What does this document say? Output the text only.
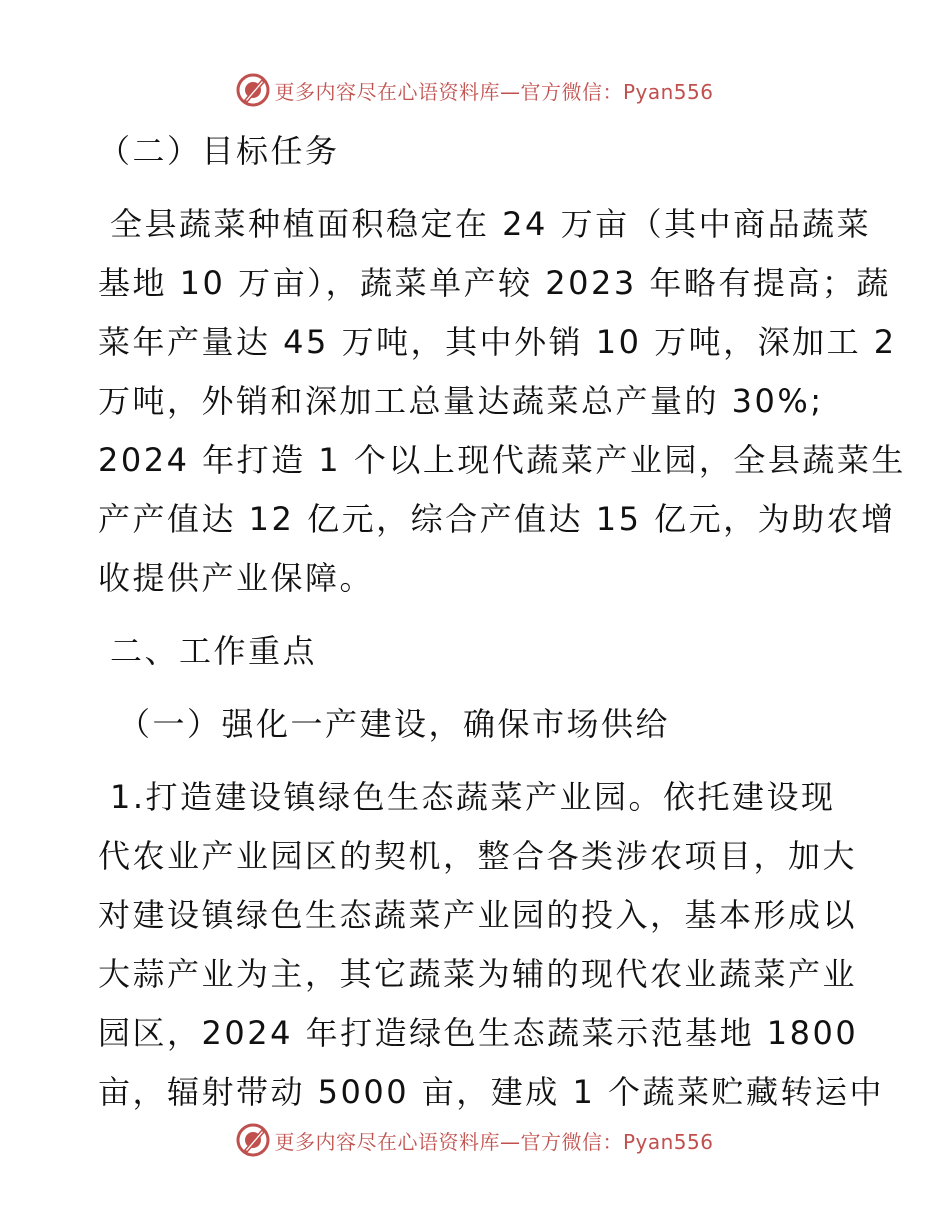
更多内容尽在心语资料库—官方微信：Pyan556
（二）目标任务
全县蔬菜种植面积稳定在 24 万亩（其中商品蔬菜
基地 10 万亩），蔬菜单产较 2023 年略有提高；蔬
菜年产量达 45 万吨，其中外销 10 万吨，深加工 2
万吨，外销和深加工总量达蔬菜总产量的 30%;
2024 年打造 1 个以上现代蔬菜产业园，全县蔬菜生
产产值达 12 亿元，综合产值达 15 亿元，为助农增
收提供产业保障。
二、工作重点
（一）强化一产建设，确保市场供给
1.打造建设镇绿色生态蔬菜产业园。依托建设现
代农业产业园区的契机，整合各类涉农项目，加大
对建设镇绿色生态蔬菜产业园的投入，基本形成以
大蒜产业为主，其它蔬菜为辅的现代农业蔬菜产业
园区，2024 年打造绿色生态蔬菜示范基地 1800
亩，辐射带动 5000 亩，建成 1 个蔬菜贮藏转运中
更多内容尽在心语资料库—官方微信：Pyan556
